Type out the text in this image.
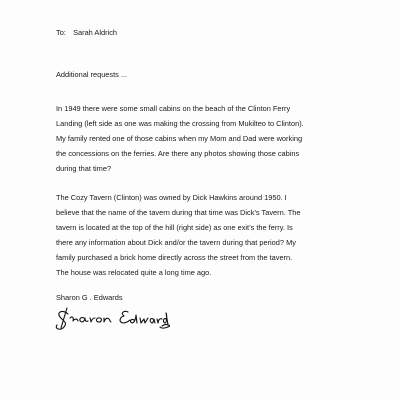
To: Sarah Aldrich
Additional requests ...

In 1949 there were some small cabins on the beach of the Clinton Ferry
Landing (left side as one was making the crossing from Mukilteo to Clinton).
My family rented one of those cabins when my Mom and Dad were working
the concessions on the ferries. Are there any photos showing those cabins
during that time?

The Cozy Tavern (Clinton) was owned by Dick Hawkins around 1950. I
believe that the name of the tavern during that time was Dick’s Tavern. The
tavern is located at the top of the hill (right side) as one exit’s the ferry. Is
there any information about Dick and/or the tavern during that period? My
family purchased a brick home directly across the street from the tavern.
The house was relocated quite a long time ago.

Sharon G . Edwards
